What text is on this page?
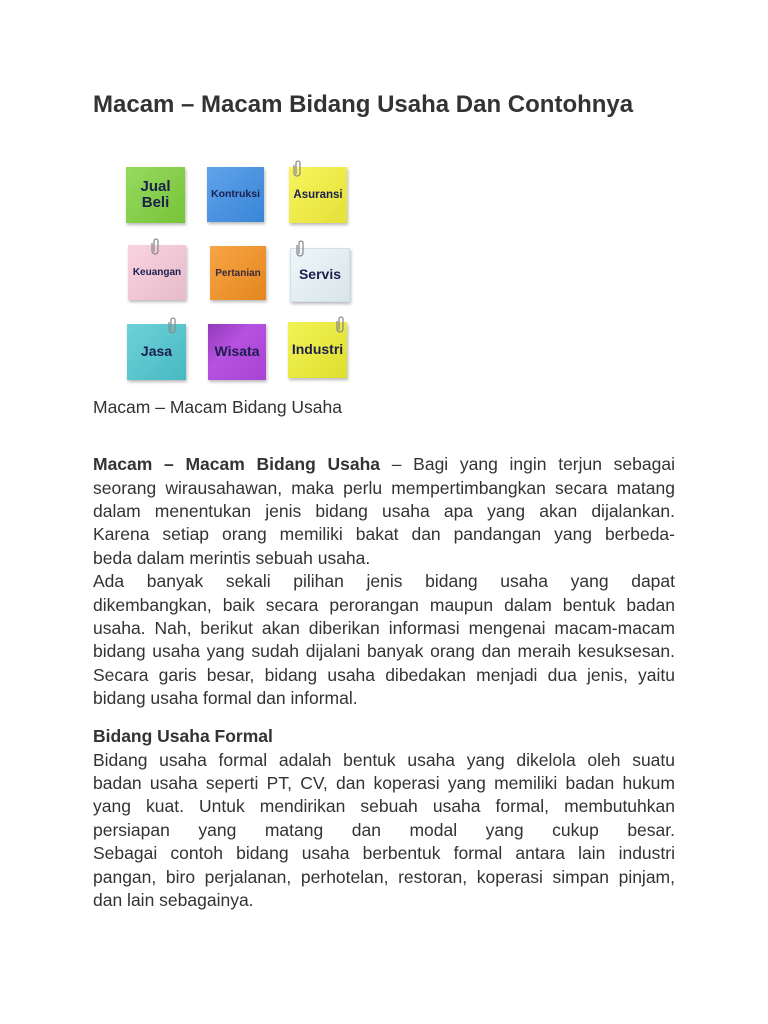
Macam – Macam Bidang Usaha Dan Contohnya
Jual Beli
Kontruksi	Asuransi
Keuangan	Pertanian	Servis
Jasa	Wisata Industri

Macam – Macam Bidang Usaha

Macam – Macam Bidang Usaha – Bagi yang ingin terjun sebagai
seorang wirausahawan, maka perlu mempertimbangkan secara matang
dalam menentukan jenis bidang usaha apa yang akan dijalankan.
Karena setiap orang memiliki bakat dan pandangan yang berbeda-
beda dalam merintis sebuah usaha.
Ada banyak sekali pilihan jenis bidang usaha yang dapat
dikembangkan, baik secara perorangan maupun dalam bentuk badan
usaha. Nah, berikut akan diberikan informasi mengenai macam-macam
bidang usaha yang sudah dijalani banyak orang dan meraih kesuksesan.
Secara garis besar, bidang usaha dibedakan menjadi dua jenis, yaitu
bidang usaha formal dan informal.
Bidang Usaha Formal
Bidang usaha formal adalah bentuk usaha yang dikelola oleh suatu
badan usaha seperti PT, CV, dan koperasi yang memiliki badan hukum
yang kuat. Untuk mendirikan sebuah usaha formal, membutuhkan
persiapan yang matang dan modal yang cukup besar.
Sebagai contoh bidang usaha berbentuk formal antara lain industri
pangan, biro perjalanan, perhotelan, restoran, koperasi simpan pinjam,
dan lain sebagainya.
